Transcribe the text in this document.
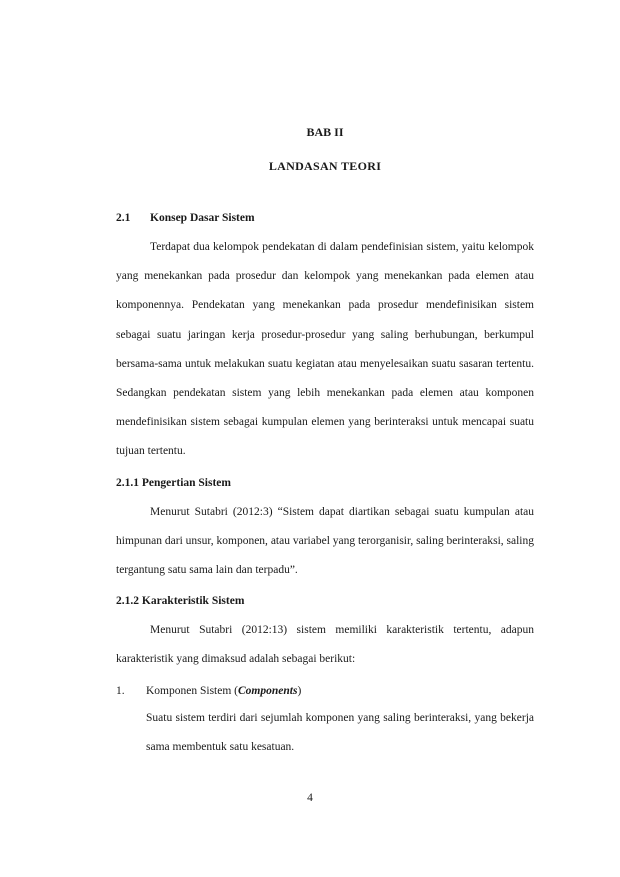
BAB II

LANDASAN TEORI

2.1	Konsep Dasar Sistem

Terdapat dua kelompok pendekatan di dalam pendefinisian sistem, yaitu kelompok yang menekankan pada prosedur dan kelompok yang menekankan pada elemen atau komponennya. Pendekatan yang menekankan pada prosedur mendefinisikan sistem sebagai suatu jaringan kerja prosedur-prosedur yang saling berhubungan, berkumpul bersama-sama untuk melakukan suatu kegiatan atau menyelesaikan suatu sasaran tertentu. Sedangkan pendekatan sistem yang lebih menekankan pada elemen atau komponen mendefinisikan sistem sebagai kumpulan elemen yang berinteraksi untuk mencapai suatu tujuan tertentu.

2.1.1 Pengertian Sistem

Menurut Sutabri (2012:3) “Sistem dapat diartikan sebagai suatu kumpulan atau himpunan dari unsur, komponen, atau variabel yang terorganisir, saling berinteraksi, saling tergantung satu sama lain dan terpadu”.

2.1.2 Karakteristik Sistem

Menurut Sutabri (2012:13) sistem memiliki karakteristik tertentu, adapun karakteristik yang dimaksud adalah sebagai berikut:

1.	Komponen Sistem (Components)

Suatu sistem terdiri dari sejumlah komponen yang saling berinteraksi, yang bekerja sama membentuk satu kesatuan.

4
